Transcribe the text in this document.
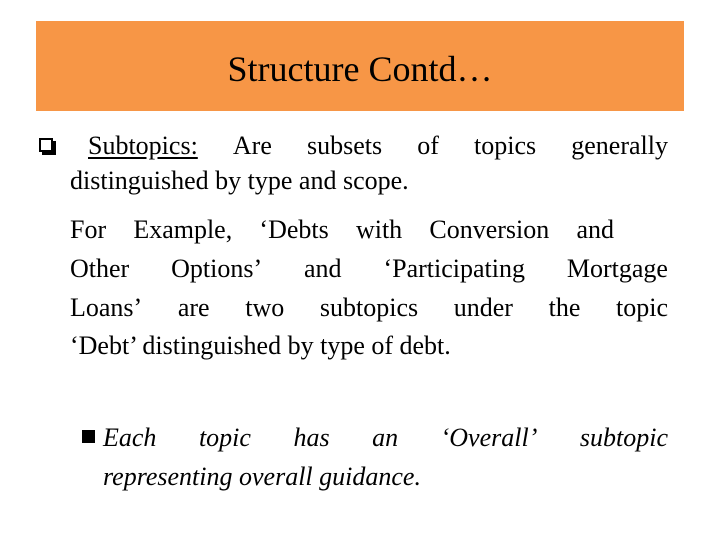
Structure Contd…
Subtopics: Are subsets of topics generally
distinguished by type and scope.
For Example, ‘Debts with Conversion and
Other Options’ and ‘Participating Mortgage
Loans’ are two subtopics under the topic
‘Debt’ distinguished by type of debt.
Each topic has an ‘Overall’ subtopic
representing overall guidance.
